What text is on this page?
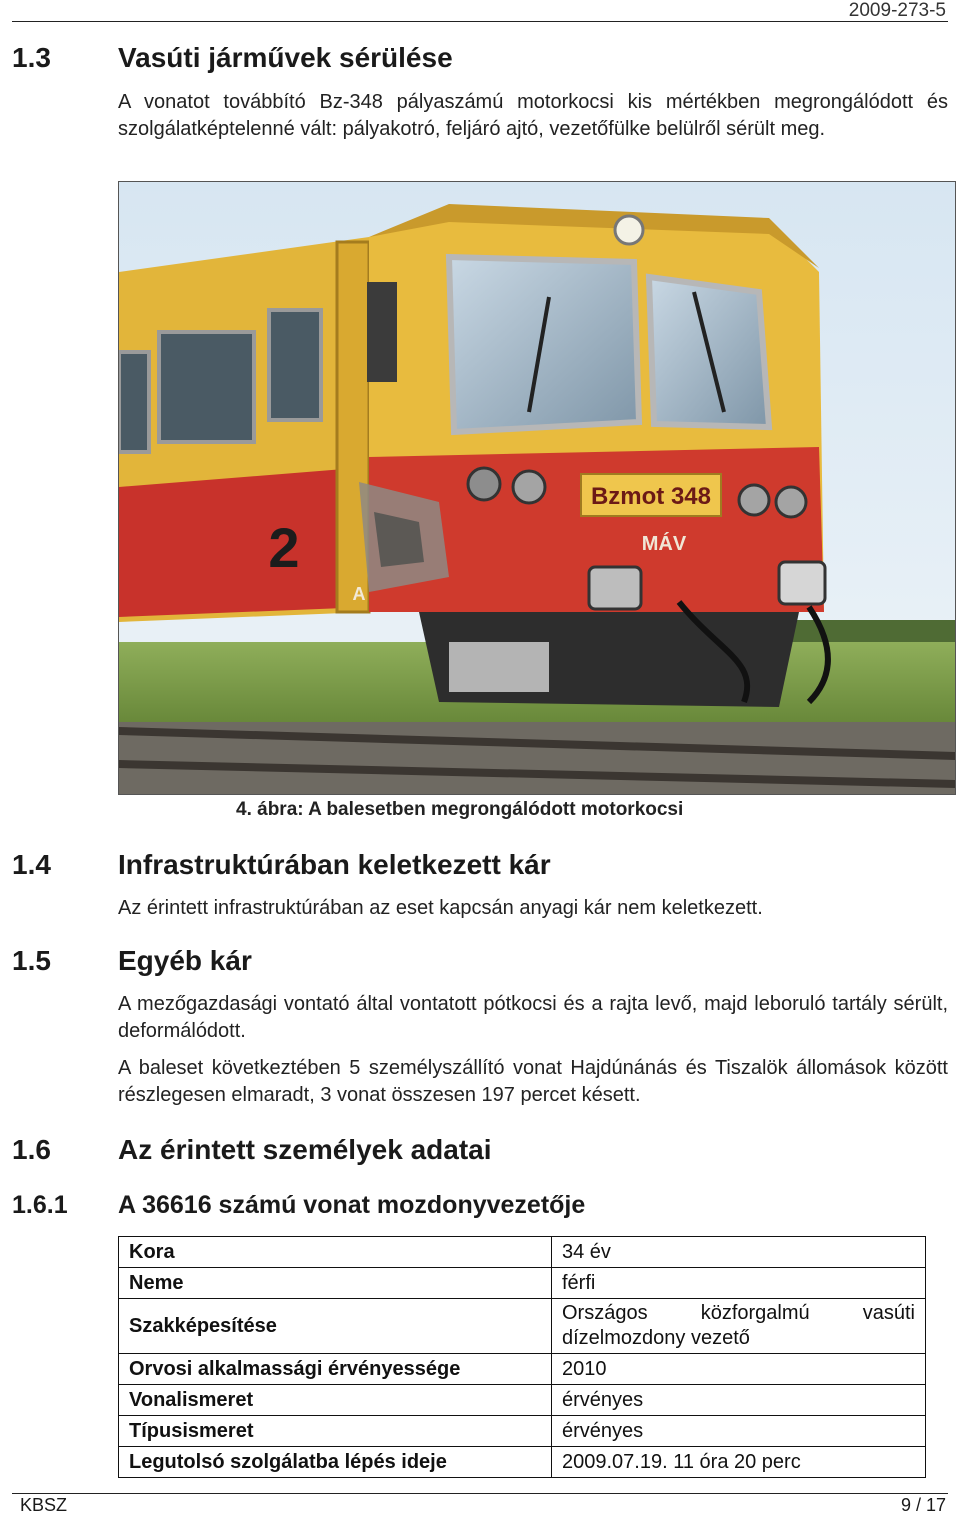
2009-273-5
1.3 Vasúti járművek sérülése
A vonatot továbbító Bz-348 pályaszámú motorkocsi kis mértékben megrongálódott és szolgálatképtelenné vált: pályakotró, feljáró ajtó, vezetőfülke belülről sérült meg.
Bzmot 348
MÁV
2
A
4. ábra: A balesetben megrongálódott motorkocsi
1.4 Infrastruktúrában keletkezett kár
Az érintett infrastruktúrában az eset kapcsán anyagi kár nem keletkezett.
1.5 Egyéb kár
A mezőgazdasági vontató által vontatott pótkocsi és a rajta levő, majd leboruló tartály sérült, deformálódott.
A baleset következtében 5 személyszállító vonat Hajdúnánás és Tiszalök állomások között részlegesen elmaradt, 3 vonat összesen 197 percet késett.
1.6 Az érintett személyek adatai
1.6.1 A 36616 számú vonat mozdonyvezetője
Kora	34 év
Neme	férfi
Szakképesítése	Országos közforgalmú vasúti dízelmozdony vezető
Orvosi alkalmassági érvényessége	2010
Vonalismeret	érvényes
Típusismeret	érvényes
Legutolsó szolgálatba lépés ideje	2009.07.19. 11 óra 20 perc
KBSZ	9 / 17
